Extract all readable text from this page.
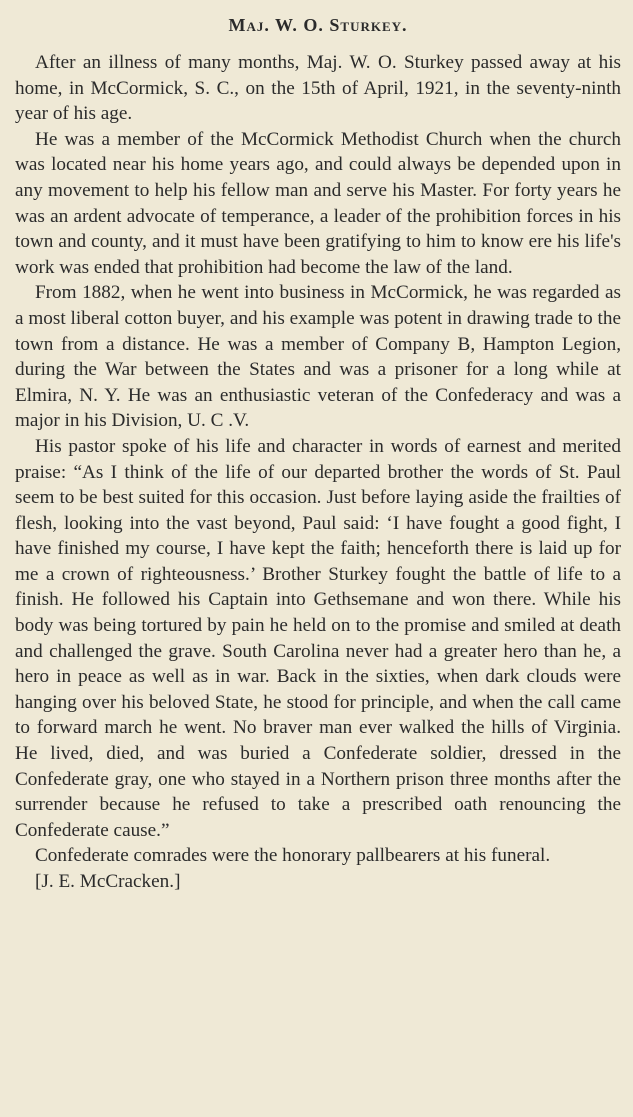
Maj. W. O. Sturkey.

After an illness of many months, Maj. W. O. Sturkey passed away at his home, in McCormick, S. C., on the 15th of April, 1921, in the seventy-ninth year of his age.

He was a member of the McCormick Methodist Church when the church was located near his home years ago, and could always be depended upon in any movement to help his fellow man and serve his Master. For forty years he was an ardent advocate of temperance, a leader of the prohibition forces in his town and county, and it must have been gratifying to him to know ere his life's work was ended that prohibition had become the law of the land.

From 1882, when he went into business in McCormick, he was regarded as a most liberal cotton buyer, and his example was potent in drawing trade to the town from a distance. He was a member of Company B, Hampton Legion, during the War between the States and was a prisoner for a long while at Elmira, N. Y. He was an enthusiastic veteran of the Confederacy and was a major in his Division, U. C .V.

His pastor spoke of his life and character in words of earnest and merited praise: “As I think of the life of our departed brother the words of St. Paul seem to be best suited for this occasion. Just before laying aside the frailties of flesh, looking into the vast beyond, Paul said: ‘I have fought a good fight, I have finished my course, I have kept the faith; henceforth there is laid up for me a crown of righteousness.’ Brother Sturkey fought the battle of life to a finish. He followed his Captain into Gethsemane and won there. While his body was being tortured by pain he held on to the promise and smiled at death and challenged the grave. South Carolina never had a greater hero than he, a hero in peace as well as in war. Back in the sixties, when dark clouds were hanging over his beloved State, he stood for principle, and when the call came to forward march he went. No braver man ever walked the hills of Virginia. He lived, died, and was buried a Confederate soldier, dressed in the Confederate gray, one who stayed in a Northern prison three months after the surrender because he refused to take a prescribed oath renouncing the Confederate cause.”

Confederate comrades were the honorary pallbearers at his funeral.

[J. E. McCracken.]
